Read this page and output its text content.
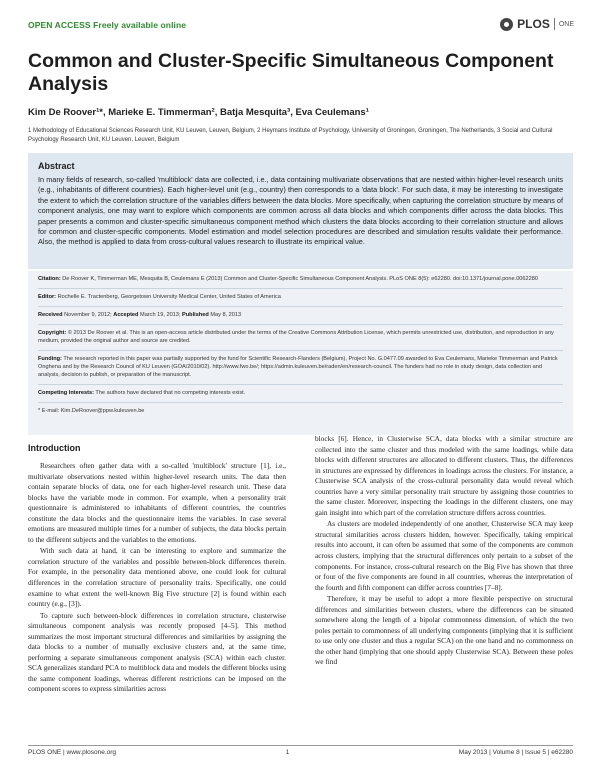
OPEN ACCESS Freely available online	PLOS ONE
Common and Cluster-Specific Simultaneous Component Analysis
Kim De Roover¹*, Marieke E. Timmerman², Batja Mesquita³, Eva Ceulemans¹
1 Methodology of Educational Sciences Research Unit, KU Leuven, Leuven, Belgium, 2 Heymans Institute of Psychology, University of Groningen, Groningen, The Netherlands, 3 Social and Cultural Psychology Research Unit, KU Leuven, Leuven, Belgium
Abstract

In many fields of research, so-called 'multiblock' data are collected, i.e., data containing multivariate observations that are nested within higher-level research units (e.g., inhabitants of different countries). Each higher-level unit (e.g., country) then corresponds to a 'data block'. For such data, it may be interesting to investigate the extent to which the correlation structure of the variables differs between the data blocks. More specifically, when capturing the correlation structure by means of component analysis, one may want to explore which components are common across all data blocks and which components differ across the data blocks. This paper presents a common and cluster-specific simultaneous component method which clusters the data blocks according to their correlation structure and allows for common and cluster-specific components. Model estimation and model selection procedures are described and simulation results validate their performance. Also, the method is applied to data from cross-cultural values research to illustrate its empirical value.

Citation: De Roover K, Timmerman ME, Mesquita B, Ceulemans E (2013) Common and Cluster-Specific Simultaneous Component Analysis. PLoS ONE 8(5): e62280. doi:10.1371/journal.pone.0062280

Editor: Rochelle E. Tractenberg, Georgetown University Medical Center, United States of America

Received November 9, 2012; Accepted March 19, 2013; Published May 8, 2013

Copyright: © 2013 De Roover et al. This is an open-access article distributed under the terms of the Creative Commons Attribution License, which permits unrestricted use, distribution, and reproduction in any medium, provided the original author and source are credited.

Funding: The research reported in this paper was partially supported by the fund for Scientific Research-Flanders (Belgium), Project No. G.0477.09 awarded to Eva Ceulemans, Marieke Timmerman and Patrick Onghena and by the Research Council of KU Leuven (GOA/2010/02). http://www.fwo.be/; https://admin.kuleuven.be/raden/en/research-council. The funders had no role in study design, data collection and analysis, decision to publish, or preparation of the manuscript.

Competing Interests: The authors have declared that no competing interests exist.

* E-mail: Kim.DeRoover@ppw.kuleuven.be

Introduction

Researchers often gather data with a so-called 'multiblock' structure [1], i.e., multivariate observations nested within higher-level research units. The data then contain separate blocks of data, one for each higher-level research unit. These data blocks have the variable mode in common. For example, when a personality trait questionnaire is administered to inhabitants of different countries, the countries constitute the data blocks and the questionnaire items the variables. In case several emotions are measured multiple times for a number of subjects, the data blocks pertain to the different subjects and the variables to the emotions.

With such data at hand, it can be interesting to explore and summarize the correlation structure of the variables and possible between-block differences therein. For example, in the personality data mentioned above, one could look for cultural differences in the correlation structure of personality traits. Specifically, one could examine to what extent the well-known Big Five structure [2] is found within each country (e.g., [3]).

To capture such between-block differences in correlation structure, clusterwise simultaneous component analysis was recently proposed [4–5]. This method summarizes the most important structural differences and similarities by assigning the data blocks to a number of mutually exclusive clusters and, at the same time, performing a separate simultaneous component analysis (SCA) within each cluster. SCA generalizes standard PCA to multiblock data and models the different blocks using the same component loadings, whereas different restrictions can be imposed on the component scores to express similarities across

blocks [6]. Hence, in Clusterwise SCA, data blocks with a similar structure are collected into the same cluster and thus modeled with the same loadings, while data blocks with different structures are allocated to different clusters. Thus, the differences in structures are expressed by differences in loadings across the clusters. For instance, a Clusterwise SCA analysis of the cross-cultural personality data would reveal which countries have a very similar personality trait structure by assigning those countries to the same cluster. Moreover, inspecting the loadings in the different clusters, one may gain insight into which part of the correlation structure differs across countries.

As clusters are modeled independently of one another, Clusterwise SCA may keep structural similarities across clusters hidden, however. Specifically, taking empirical results into account, it can often be assumed that some of the components are common across clusters, implying that the structural differences only pertain to a subset of the components. For instance, cross-cultural research on the Big Five has shown that three or four of the five components are found in all countries, whereas the interpretation of the fourth and fifth component can differ across countries [7–8].

Therefore, it may be useful to adopt a more flexible perspective on structural differences and similarities between clusters, where the differences can be situated somewhere along the length of a bipolar commonness dimension, of which the two poles pertain to commonness of all underlying components (implying that it is sufficient to use only one cluster and thus a regular SCA) on the one hand and no commonness on the other hand (implying that one should apply Clusterwise SCA). Between these poles we find

PLOS ONE | www.plosone.org	1	May 2013 | Volume 8 | Issue 5 | e62280
